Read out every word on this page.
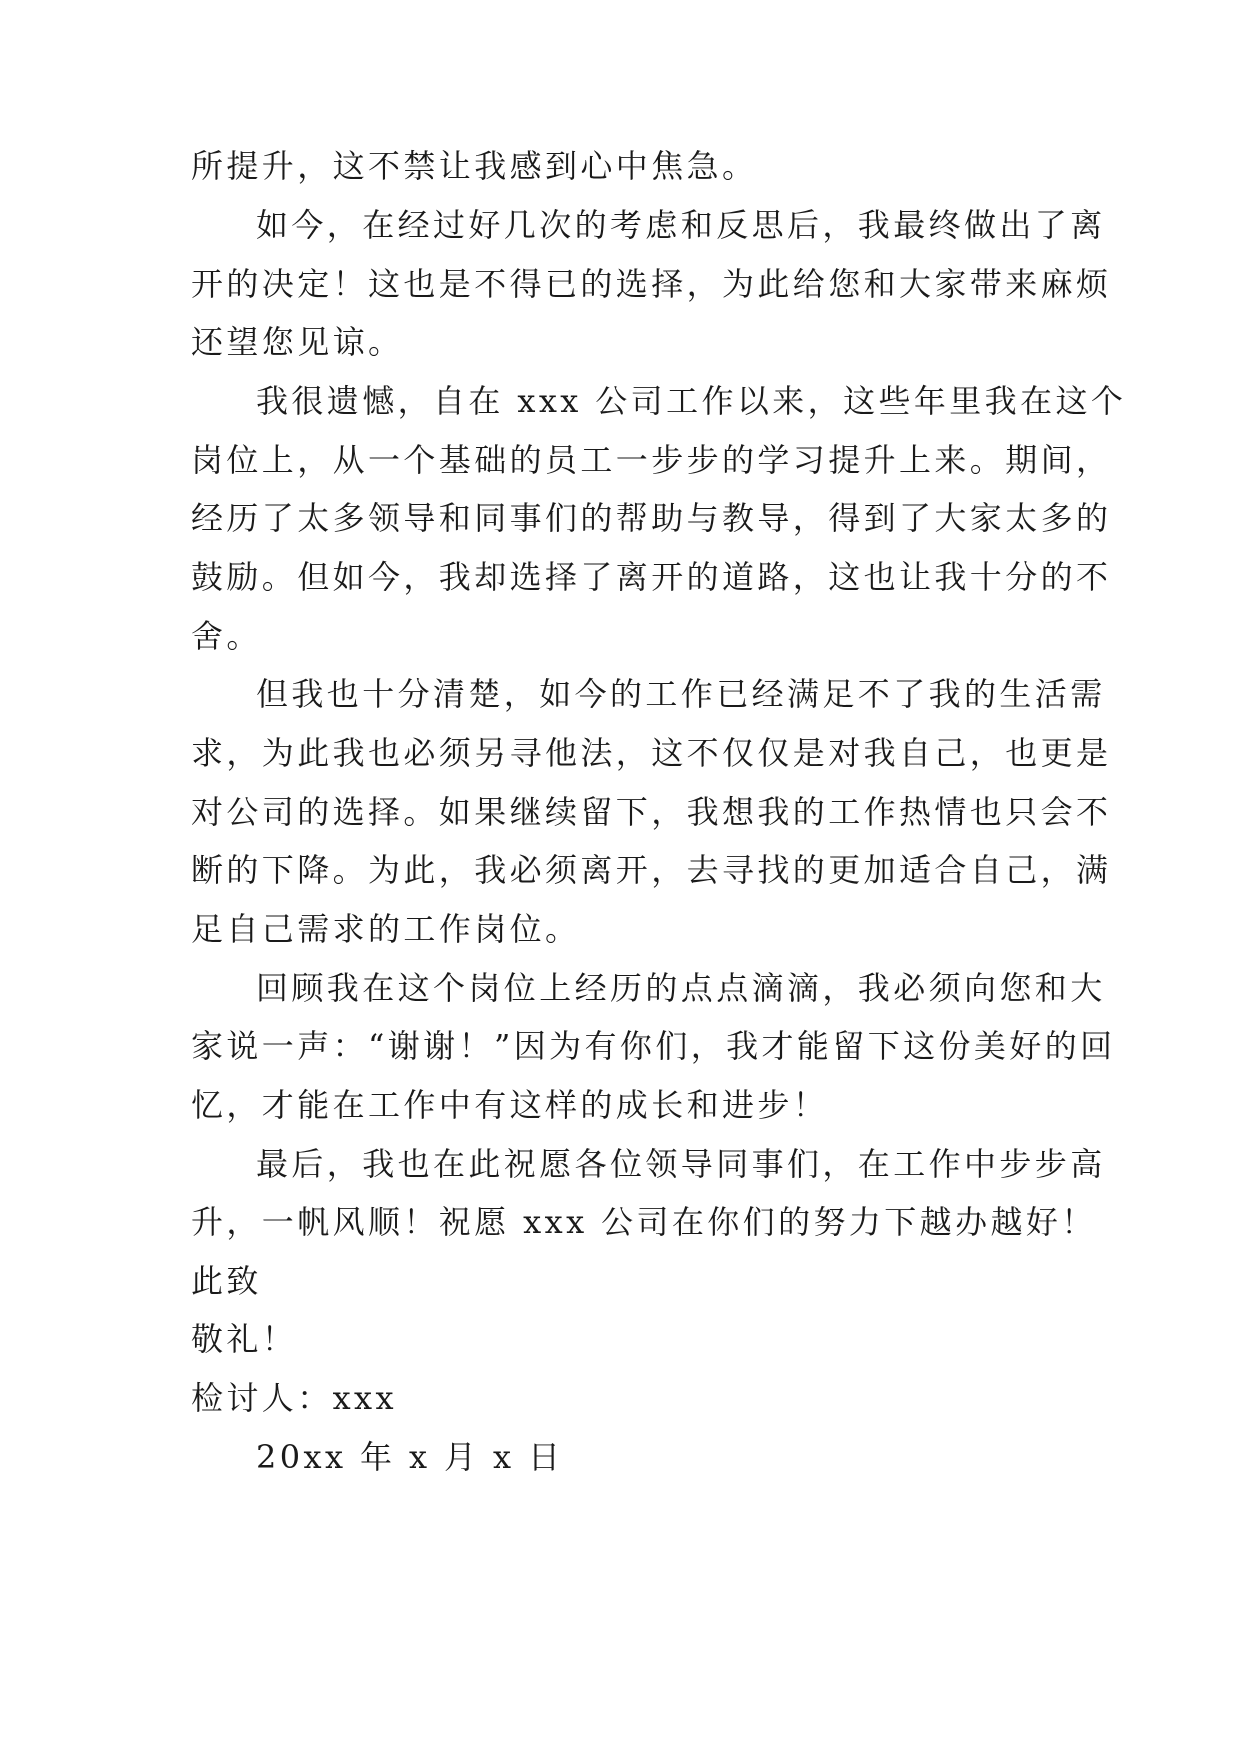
所提升，这不禁让我感到心中焦急。
如今，在经过好几次的考虑和反思后，我最终做出了离
开的决定！这也是不得已的选择，为此给您和大家带来麻烦
还望您见谅。
我很遗憾，自在 xxx 公司工作以来，这些年里我在这个
岗位上，从一个基础的员工一步步的学习提升上来。期间，
经历了太多领导和同事们的帮助与教导，得到了大家太多的
鼓励。但如今，我却选择了离开的道路，这也让我十分的不
舍。
但我也十分清楚，如今的工作已经满足不了我的生活需
求，为此我也必须另寻他法，这不仅仅是对我自己，也更是
对公司的选择。如果继续留下，我想我的工作热情也只会不
断的下降。为此，我必须离开，去寻找的更加适合自己，满
足自己需求的工作岗位。
回顾我在这个岗位上经历的点点滴滴，我必须向您和大
家说一声：“谢谢！”因为有你们，我才能留下这份美好的回
忆，才能在工作中有这样的成长和进步！
最后，我也在此祝愿各位领导同事们，在工作中步步高
升，一帆风顺！祝愿 xxx 公司在你们的努力下越办越好！
此致
敬礼！
检讨人：xxx
20xx 年 x 月 x 日
